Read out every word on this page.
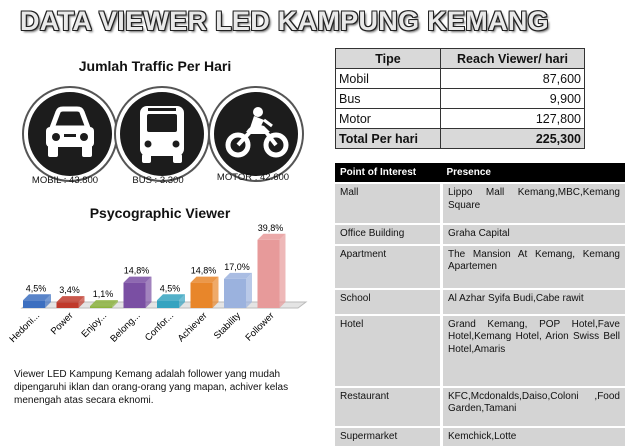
DATA VIEWER LED KAMPUNG KEMANG
Jumlah Traffic Per Hari
MOBIL : 43.800	BUS : 3.300	MOTOR : 42.600
Psycographic Viewer
4,5%
Hedoni...
3,4%
Power
1,1%
Enjoy...
14,8%
Belong...
4,5%
Confor...
14,8%
Achiever
17,0%
Stability
39,8%
Follower
Viewer LED Kampung Kemang adalah follower yang mudah dipengaruhi iklan dan orang-orang yang mapan, achiver kelas menengah atas secara eknomi.
Tipe	Reach Viewer/ hari
Mobil	87,600
Bus	9,900
Motor	127,800
Total Per hari	225,300
Point of Interest	Presence
Mall	Lippo Mall Kemang,MBC,Kemang Square
Office Building	Graha Capital
Apartment	The Mansion At Kemang, Kemang Apartemen
School	Al Azhar Syifa Budi,Cabe rawit
Hotel	Grand Kemang, POP Hotel,Fave Hotel,Kemang Hotel, Arion Swiss Bell Hotel,Amaris
Restaurant	KFC,Mcdonalds,Daiso,Coloni ,Food Garden,Tamani
Supermarket	Kemchick,Lotte
